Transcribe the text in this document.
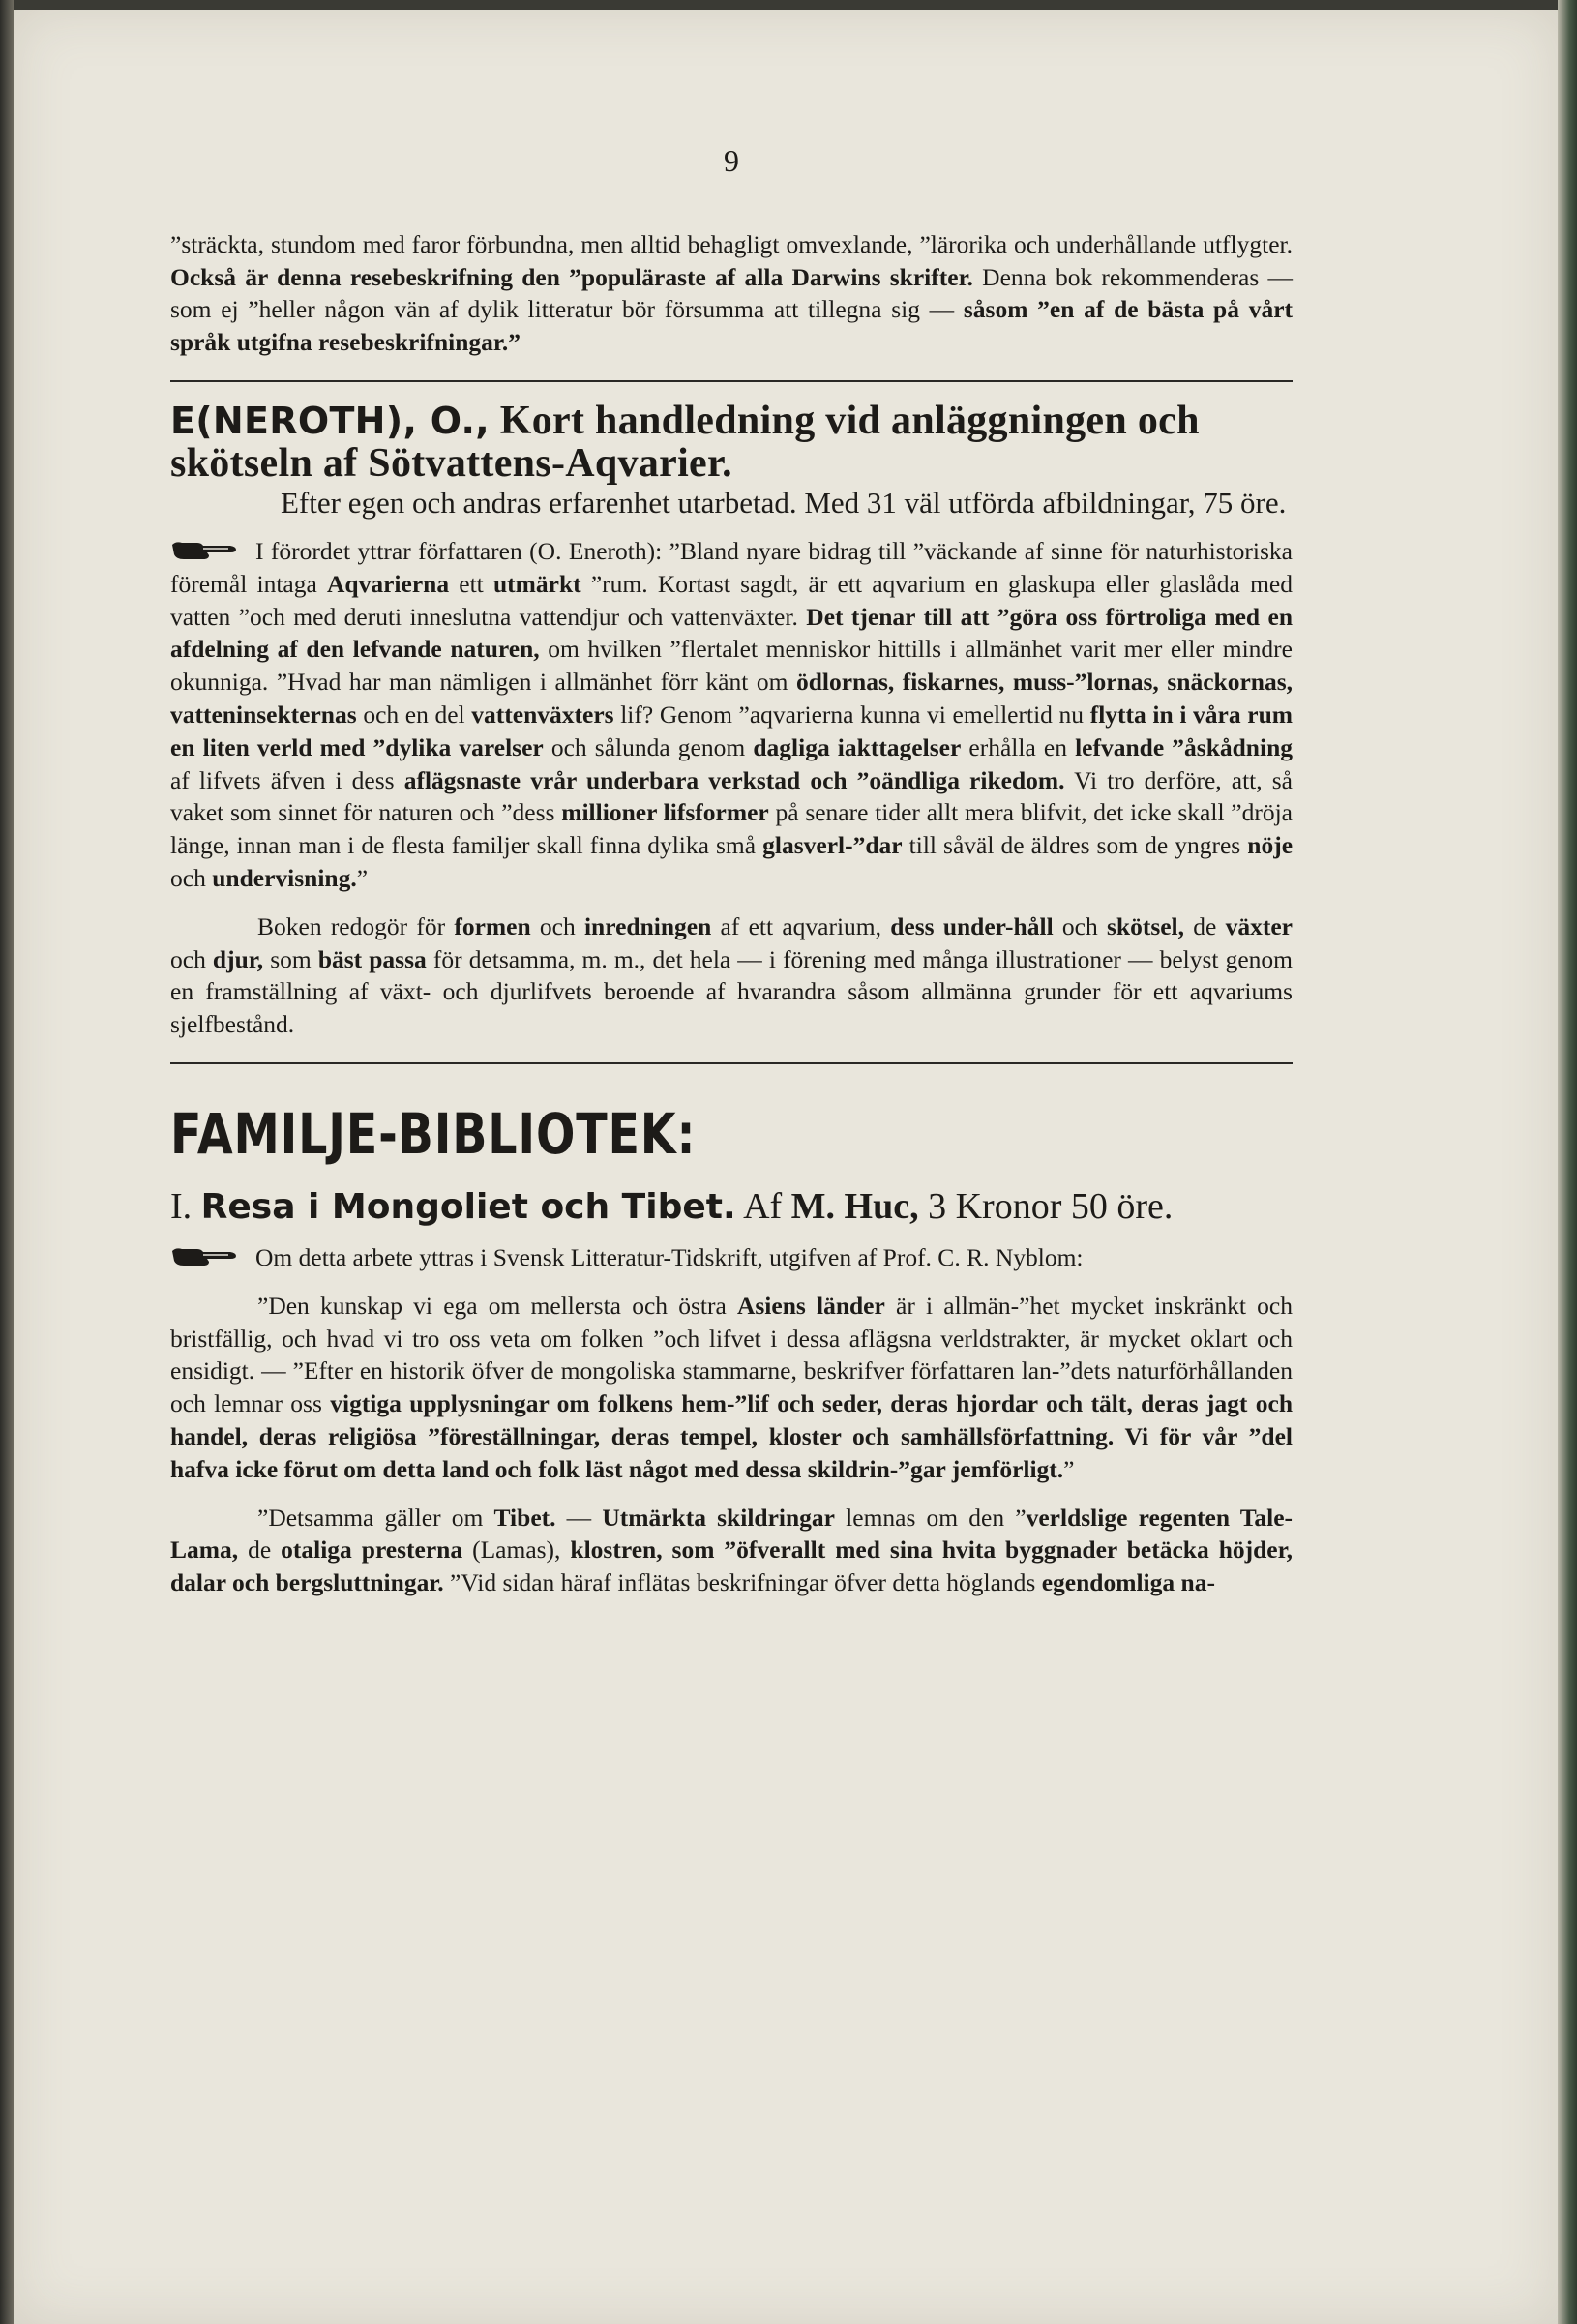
9

”sträckta, stundom med faror förbundna, men alltid behagligt omvexlande, ”lärorika och underhållande utflygter. Också är denna resebeskrifning den ”populäraste af alla Darwins skrifter. Denna bok rekommenderas — som ej ”heller någon vän af dylik litteratur bör försumma att tillegna sig — såsom ”en af de bästa på vårt språk utgifna resebeskrifningar.”

E(NEROTH), O., Kort handledning vid anläggningen och skötseln af Sötvattens-Aqvarier.

Efter egen och andras erfarenhet utarbetad. Med 31 väl utförda afbildningar, 75 öre.

I förordet yttrar författaren (O. Eneroth): ”Bland nyare bidrag till ”väckande af sinne för naturhistoriska föremål intaga Aqvarierna ett utmärkt ”rum. Kortast sagdt, är ett aqvarium en glaskupa eller glaslåda med vatten ”och med deruti inneslutna vattendjur och vattenväxter. Det tjenar till att ”göra oss förtroliga med en afdelning af den lefvande naturen, om hvilken ”flertalet menniskor hittills i allmänhet varit mer eller mindre okunniga. ”Hvad har man nämligen i allmänhet förr känt om ödlornas, fiskarnes, muss-”lornas, snäckornas, vatteninsekternas och en del vattenväxters lif? Genom ”aqvarierna kunna vi emellertid nu flytta in i våra rum en liten verld med ”dylika varelser och sålunda genom dagliga iakttagelser erhålla en lefvande ”åskådning af lifvets äfven i dess aflägsnaste vrår underbara verkstad och ”oändliga rikedom. Vi tro derföre, att, så vaket som sinnet för naturen och ”dess millioner lifsformer på senare tider allt mera blifvit, det icke skall ”dröja länge, innan man i de flesta familjer skall finna dylika små glasverl-”dar till såväl de äldres som de yngres nöje och undervisning.”

Boken redogör för formen och inredningen af ett aqvarium, dess under-håll och skötsel, de växter och djur, som bäst passa för detsamma, m. m., det hela — i förening med många illustrationer — belyst genom en framställning af växt- och djurlifvets beroende af hvarandra såsom allmänna grunder för ett aqvariums sjelfbestånd.

FAMILJE-BIBLIOTEK:
I. Resa i Mongoliet och Tibet. Af M. Huc, 3 Kronor 50 öre.

Om detta arbete yttras i Svensk Litteratur-Tidskrift, utgifven af Prof. C. R. Nyblom:

”Den kunskap vi ega om mellersta och östra Asiens länder är i allmän-”het mycket inskränkt och bristfällig, och hvad vi tro oss veta om folken ”och lifvet i dessa aflägsna verldstrakter, är mycket oklart och ensidigt. — ”Efter en historik öfver de mongoliska stammarne, beskrifver författaren lan-”dets naturförhållanden och lemnar oss vigtiga upplysningar om folkens hem-”lif och seder, deras hjordar och tält, deras jagt och handel, deras religiösa ”föreställningar, deras tempel, kloster och samhällsförfattning. Vi för vår ”del hafva icke förut om detta land och folk läst något med dessa skildrin-”gar jemförligt.”

”Detsamma gäller om Tibet. — Utmärkta skildringar lemnas om den ”verldslige regenten Tale-Lama, de otaliga presterna (Lamas), klostren, som ”öfverallt med sina hvita byggnader betäcka höjder, dalar och bergsluttningar. ”Vid sidan häraf inflätas beskrifningar öfver detta höglands egendomliga na-
